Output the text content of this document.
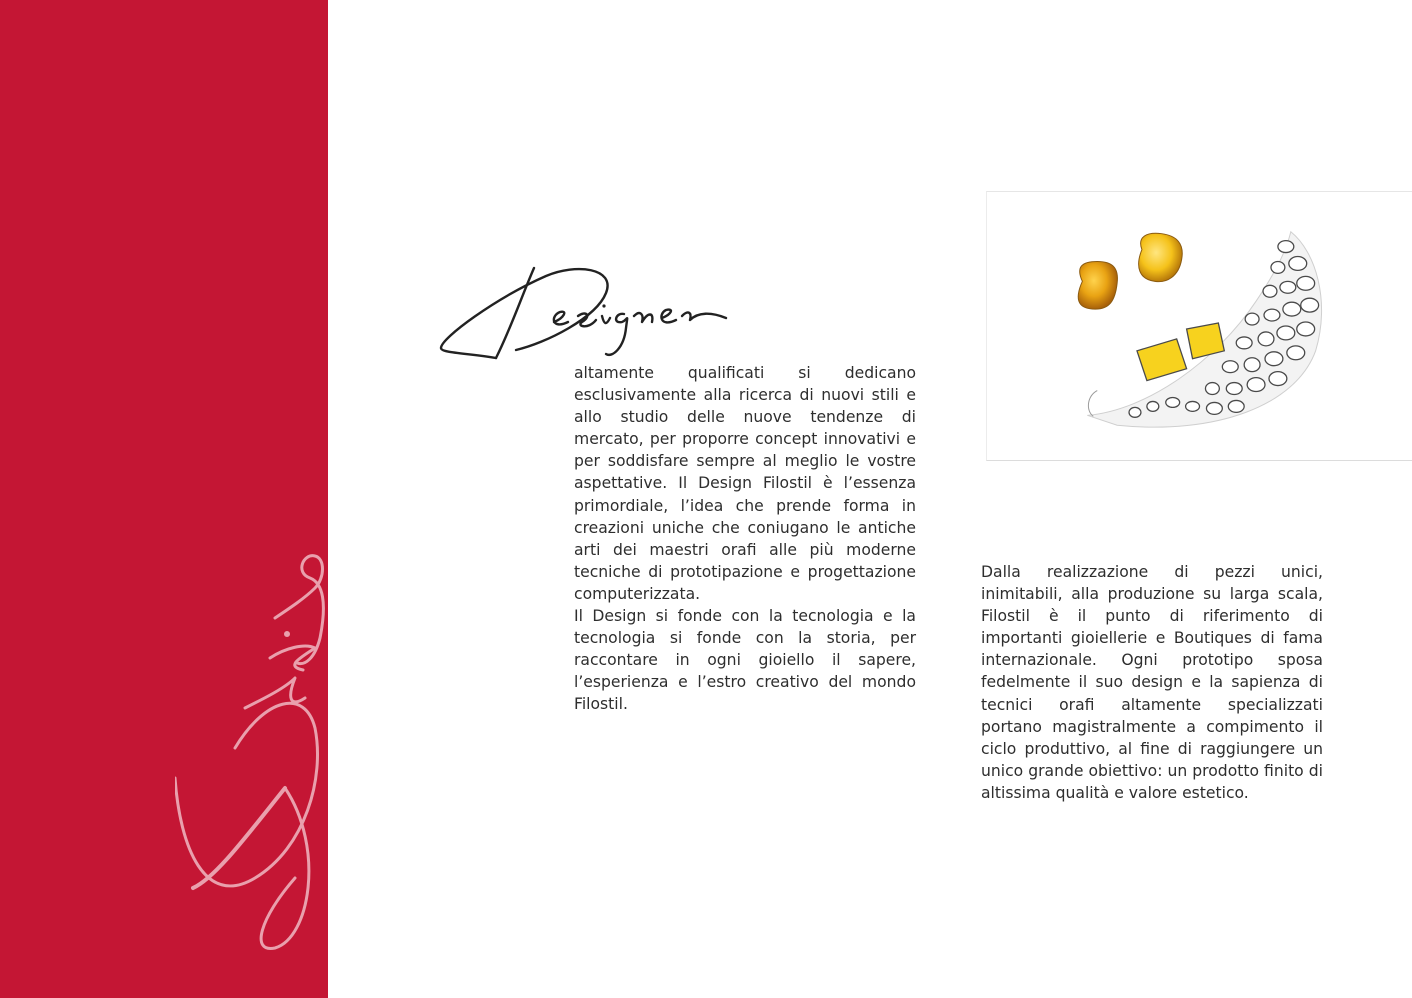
altamente qualificati si dedicano esclusivamente alla ricerca di nuovi stili e allo studio delle nuove tendenze di mercato, per proporre concept innovativi e per soddisfare sempre al meglio le vostre aspettative. Il Design Filostil è l’essenza primordiale, l’idea che prende forma in creazioni uniche che coniugano le antiche arti dei maestri orafi alle più moderne tecniche di prototipazione e progettazione computerizzata.

Il Design si fonde con la tecnologia e la tecnologia si fonde con la storia, per raccontare in ogni gioiello il sapere, l’esperienza e l’estro creativo del mondo Filostil.

Dalla realizzazione di pezzi unici, inimitabili, alla produzione su larga scala, Filostil è il punto di riferimento di importanti gioiellerie e Boutiques di fama internazionale. Ogni prototipo sposa fedelmente il suo design e la sapienza di tecnici orafi altamente specializzati portano magistralmente a compimento il ciclo produttivo, al fine di raggiungere un unico grande obiettivo: un prodotto finito di altissima qualità e valore estetico.
